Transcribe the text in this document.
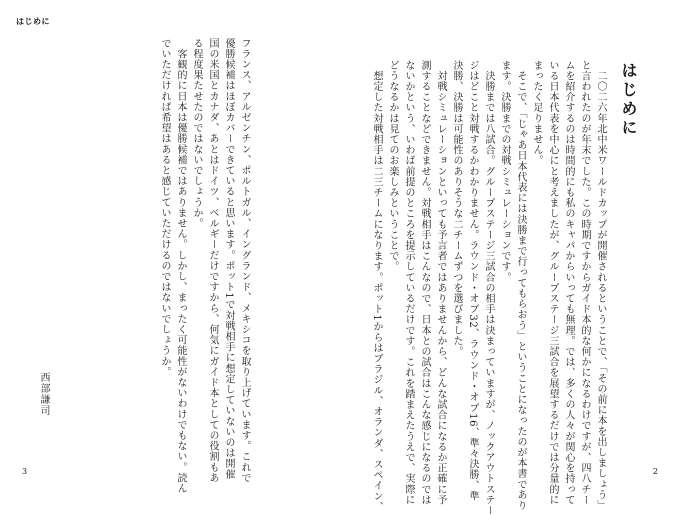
はじめに
はじめに
　二〇二六年北中米ワールドカップが開催されるということで、「その前に本を出しましょう」
と言われたのが年末でした。この時期ですからガイド本的な何かになるわけですが、四八チー
ムを紹介するのは時間的にも私のキャパからいっても無理。では、多くの人々が関心を持って
いる日本代表を中心にと考えましたが、グループステージ三試合を展望するだけでは分量的に
まったく足りません。
　そこで、「じゃあ日本代表には決勝まで行ってもらおう」ということになったのが本書であり
ます。決勝までの対戦シミュレーションです。
　決勝までは八試合。グループステージ三試合の相手は決まっていますが、ノックアウトステー
ジはどこと対戦するかわかりません。ラウンド・オブ32、ラウンド・オブ16、準々決勝、準
決勝、決勝は可能性のありそうな二チームずつを選びました。
　対戦シミュレーションといっても予言者ではありませんから、どんな試合になるか正確に予
測することなどできません。対戦相手はこんなので、日本との試合はこんな感じになるのでは
ないかという、いわば前提のところを提示しているだけです。これを踏まえたうえで、実際に
どうなるかは見てのお楽しみということで。
　想定した対戦相手は二三チームになります。ポット1からはブラジル、オランダ、スペイン、
フランス、アルゼンチン、ポルトガル、イングランド、メキシコを取り上げています。これで
優勝候補はほぼカバーできていると思います。ポット1で対戦相手に想定していないのは開催
国の米国とカナダ、あとはドイツ、ベルギーだけですから、何気にガイド本としての役割もあ
る程度果たせたのではないでしょうか。
　客観的に日本は優勝候補ではありません。しかし、まったく可能性がないわけでもない。読ん
でいただければ希望はあると感じていただけるのではないでしょうか。
西部謙司
3	2
